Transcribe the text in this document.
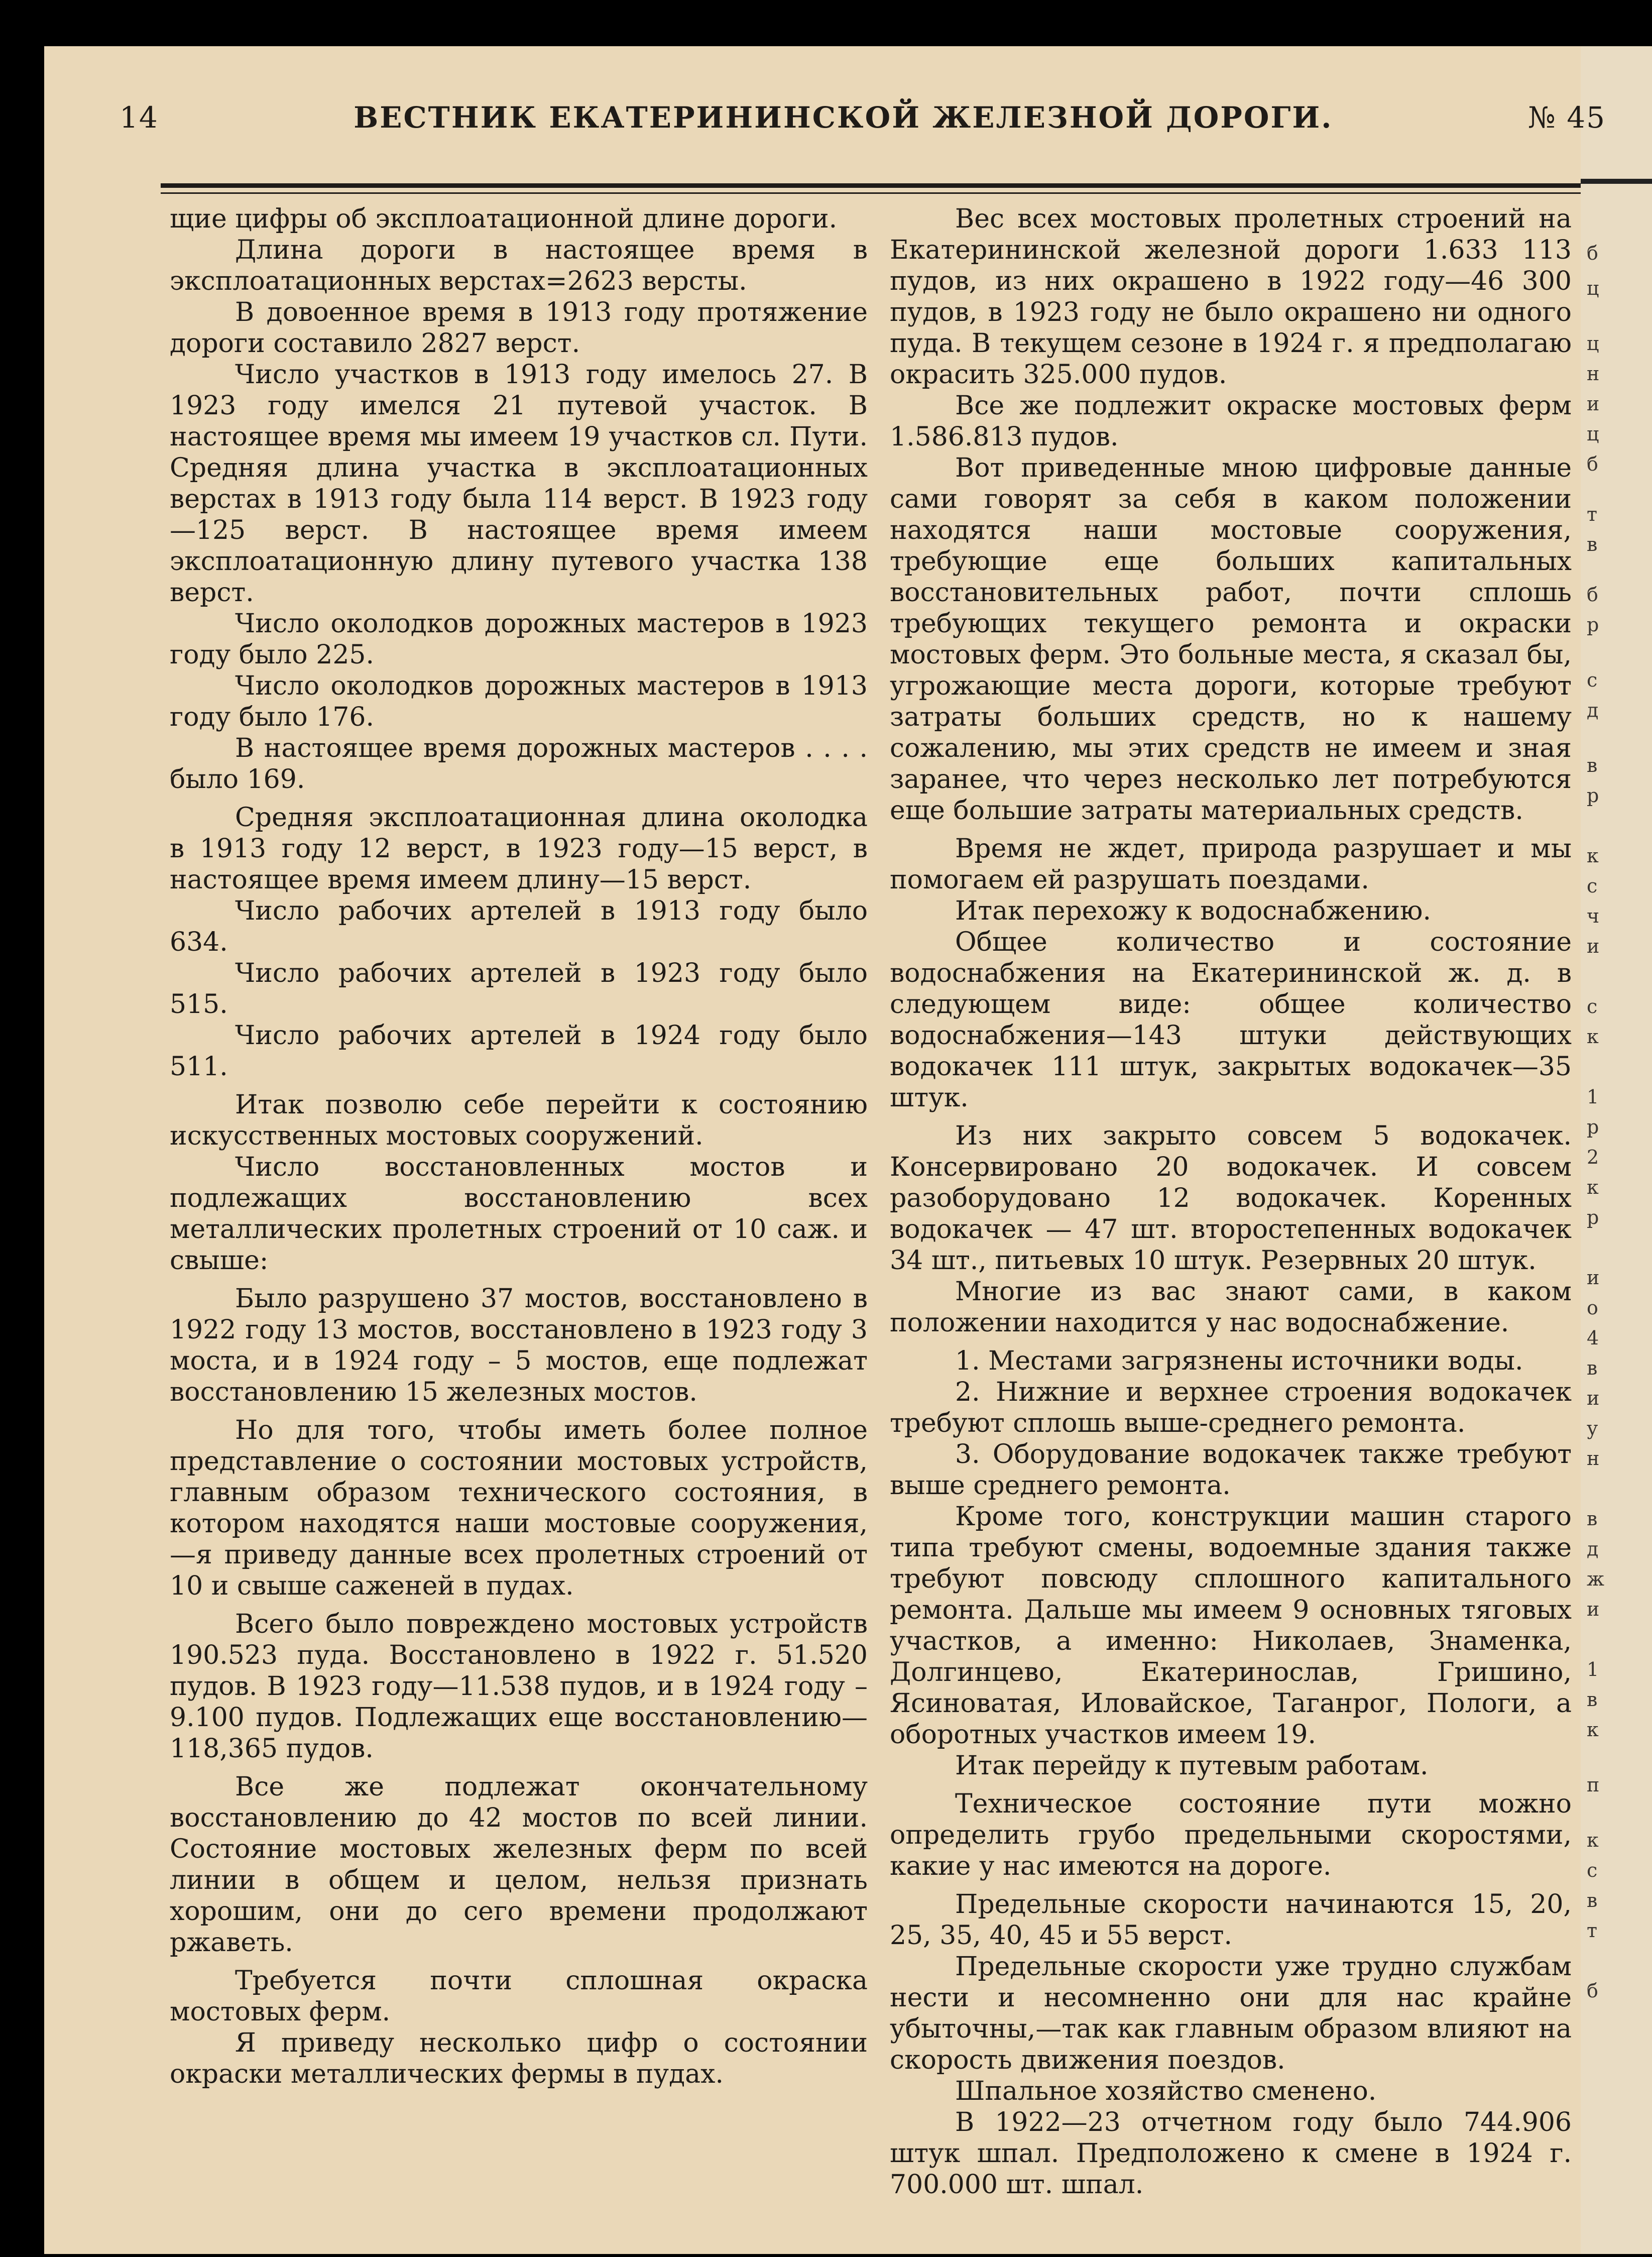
б
ц
ц
н
и
ц
б
т
в
б
р
с
д
в
р
к
с
ч
и
с
к
1
р
2
к
р
и
о
4
в
и
у
н
в
д
ж
и
1
в
к
п
к
с
в
т
б
14	ВЕСТНИК ЕКАТЕРИНИНСКОЙ ЖЕЛЕЗНОЙ ДОРОГИ.	№ 45

щие цифры об эксплоатационной длине дороги.

Длина дороги в настоящее время в эксплоатационных верстах=2623 версты.

В довоенное время в 1913 году протяжение дороги составило 2827 верст.

Число участков в 1913 году имелось 27. В 1923 году имелся 21 путевой участок. В настоящее время мы имеем 19 участков сл. Пути. Средняя длина участка в эксплоатационных верстах в 1913 году была 114 верст. В 1923 году—125 верст. В настоящее время имеем эксплоатационную длину путевого участка 138 верст.

Число околодков дорожных мастеров в 1923 году было 225.

Число околодков дорожных мастеров в 1913 году было 176.

В настоящее время дорожных мастеров . . . . было 169.

Средняя эксплоатационная длина околодка в 1913 году 12 верст, в 1923 году—15 верст, в настоящее время имеем длину—15 верст.

Число рабочих артелей в 1913 году было 634.

Число рабочих артелей в 1923 году было 515.

Число рабочих артелей в 1924 году было 511.

Итак позволю себе перейти к состоянию искусственных мостовых сооружений.

Число восстановленных мостов и подлежащих восстановлению всех металлических пролетных строений от 10 саж. и свыше:

Было разрушено 37 мостов, восстановлено в 1922 году 13 мостов, восстановлено в 1923 году 3 моста, и в 1924 году – 5 мостов, еще подлежат восстановлению 15 железных мостов.

Но для того, чтобы иметь более полное представление о состоянии мостовых устройств, главным образом технического состояния, в котором находятся наши мостовые сооружения,—я приведу данные всех пролетных строений от 10 и свыше саженей в пудах.

Всего было повреждено мостовых устройств 190.523 пуда. Восстановлено в 1922 г. 51.520 пудов. В 1923 году—11.538 пудов, и в 1924 году – 9.100 пудов. Подлежащих еще восстановлению—118,365 пудов.

Все же подлежат окончательному восстановлению до 42 мостов по всей линии. Состояние мостовых железных ферм по всей линии в общем и целом, нельзя признать хорошим, они до сего времени продолжают ржаветь.

Требуется почти сплошная окраска мостовых ферм.

Я приведу несколько цифр о состоянии окраски металлических фермы в пудах.

Вес всех мостовых пролетных строений на Екатерининской железной дороги 1.633 113 пудов, из них окрашено в 1922 году—46 300 пудов, в 1923 году не было окрашено ни одного пуда. В текущем сезоне в 1924 г. я предполагаю окрасить 325.000 пудов.

Все же подлежит окраске мостовых ферм 1.586.813 пудов.

Вот приведенные мною цифровые данные сами говорят за себя в каком положении находятся наши мостовые сооружения, требующие еще больших капитальных восстановительных работ, почти сплошь требующих текущего ремонта и окраски мостовых ферм. Это больные места, я сказал бы, угрожающие места дороги, которые требуют затраты больших средств, но к нашему сожалению, мы этих средств не имеем и зная заранее, что через несколько лет потребуются еще большие затраты материальных средств.

Время не ждет, природа разрушает и мы помогаем ей разрушать поездами.

Итак перехожу к водоснабжению.

Общее количество и состояние водоснабжения на Екатерининской ж. д. в следующем виде: общее количество водоснабжения—143 штуки действующих водокачек 111 штук, закрытых водокачек—35 штук.

Из них закрыто совсем 5 водокачек. Консервировано 20 водокачек. И совсем разоборудовано 12 водокачек. Коренных водокачек — 47 шт. второстепенных водокачек 34 шт., питьевых 10 штук. Резервных 20 штук.

Многие из вас знают сами, в каком положении находится у нас водоснабжение.

1. Местами загрязнены источники воды.

2. Нижние и верхнее строения водокачек требуют сплошь выше-среднего ремонта.

3. Оборудование водокачек также требуют выше среднего ремонта.

Кроме того, конструкции машин старого типа требуют смены, водоемные здания также требуют повсюду сплошного капитального ремонта. Дальше мы имеем 9 основных тяговых участков, а именно: Николаев, Знаменка, Долгинцево, Екатеринослав, Гришино, Ясиноватая, Иловайское, Таганрог, Пологи, а оборотных участков имеем 19.

Итак перейду к путевым работам.

Техническое состояние пути можно определить грубо предельными скоростями, какие у нас имеются на дороге.

Предельные скорости начинаются 15, 20, 25, 35, 40, 45 и 55 верст.

Предельные скорости уже трудно службам нести и несомненно они для нас крайне убыточны,—так как главным образом влияют на скорость движения поездов.

Шпальное хозяйство сменено.

В 1922—23 отчетном году было 744.906 штук шпал. Предположено к смене в 1924 г. 700.000 шт. шпал.
